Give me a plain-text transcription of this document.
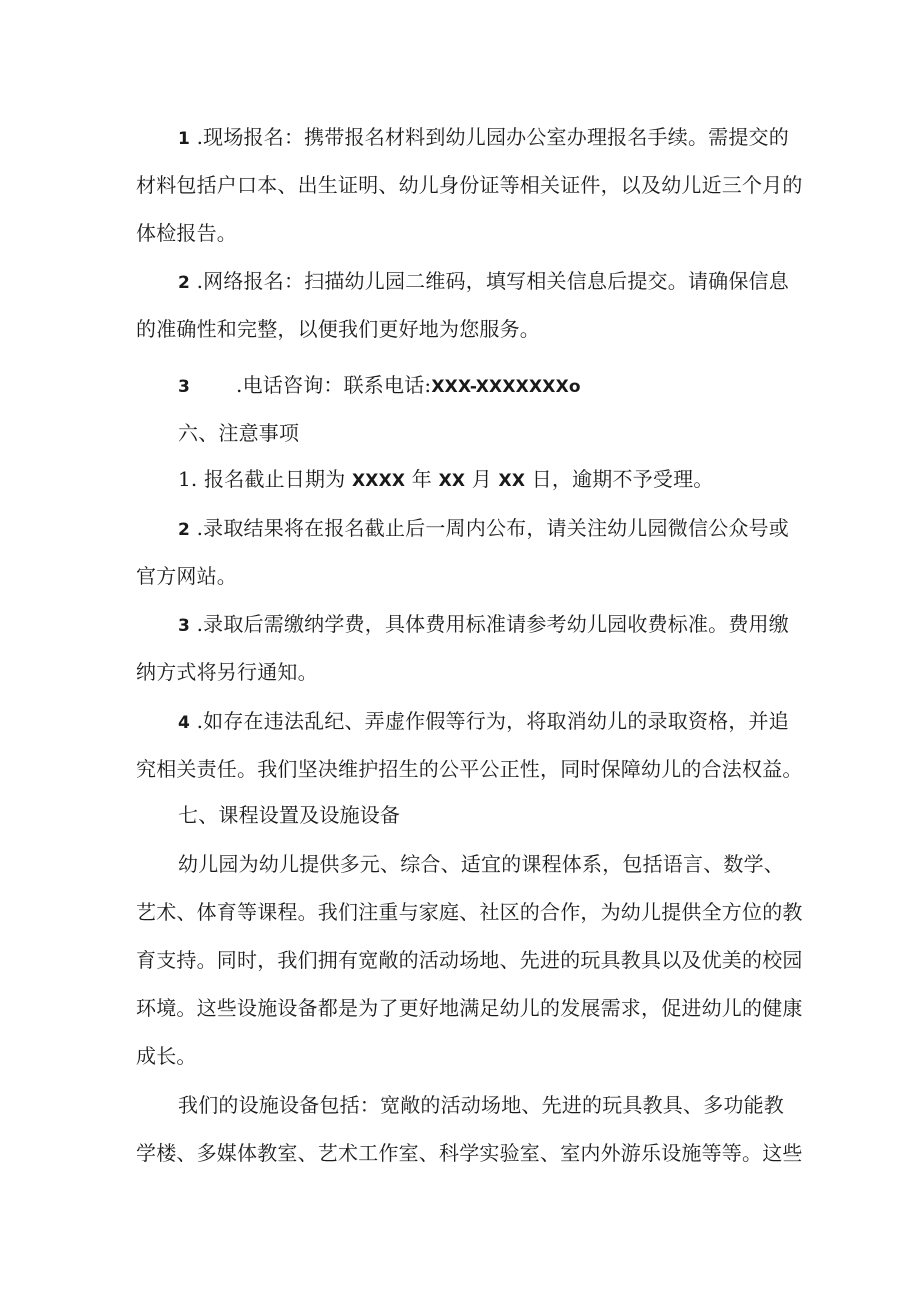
1 .现场报名：携带报名材料到幼儿园办公室办理报名手续。需提交的
材料包括户口本、出生证明、幼儿身份证等相关证件，以及幼儿近三个月的
体检报告。
2 .网络报名：扫描幼儿园二维码，填写相关信息后提交。请确保信息
的准确性和完整，以便我们更好地为您服务。
3 .电话咨询：联系电话:XXX-XXXXXXXo
六、注意事项
1. 报名截止日期为 XXXX 年 XX 月 XX 日，逾期不予受理。
2 .录取结果将在报名截止后一周内公布，请关注幼儿园微信公众号或
官方网站。
3 .录取后需缴纳学费，具体费用标准请参考幼儿园收费标准。费用缴
纳方式将另行通知。
4 .如存在违法乱纪、弄虚作假等行为，将取消幼儿的录取资格，并追
究相关责任。我们坚决维护招生的公平公正性，同时保障幼儿的合法权益。
七、课程设置及设施设备
幼儿园为幼儿提供多元、综合、适宜的课程体系，包括语言、数学、
艺术、体育等课程。我们注重与家庭、社区的合作，为幼儿提供全方位的教
育支持。同时，我们拥有宽敞的活动场地、先进的玩具教具以及优美的校园
环境。这些设施设备都是为了更好地满足幼儿的发展需求，促进幼儿的健康
成长。
我们的设施设备包括：宽敞的活动场地、先进的玩具教具、多功能教
学楼、多媒体教室、艺术工作室、科学实验室、室内外游乐设施等等。这些
